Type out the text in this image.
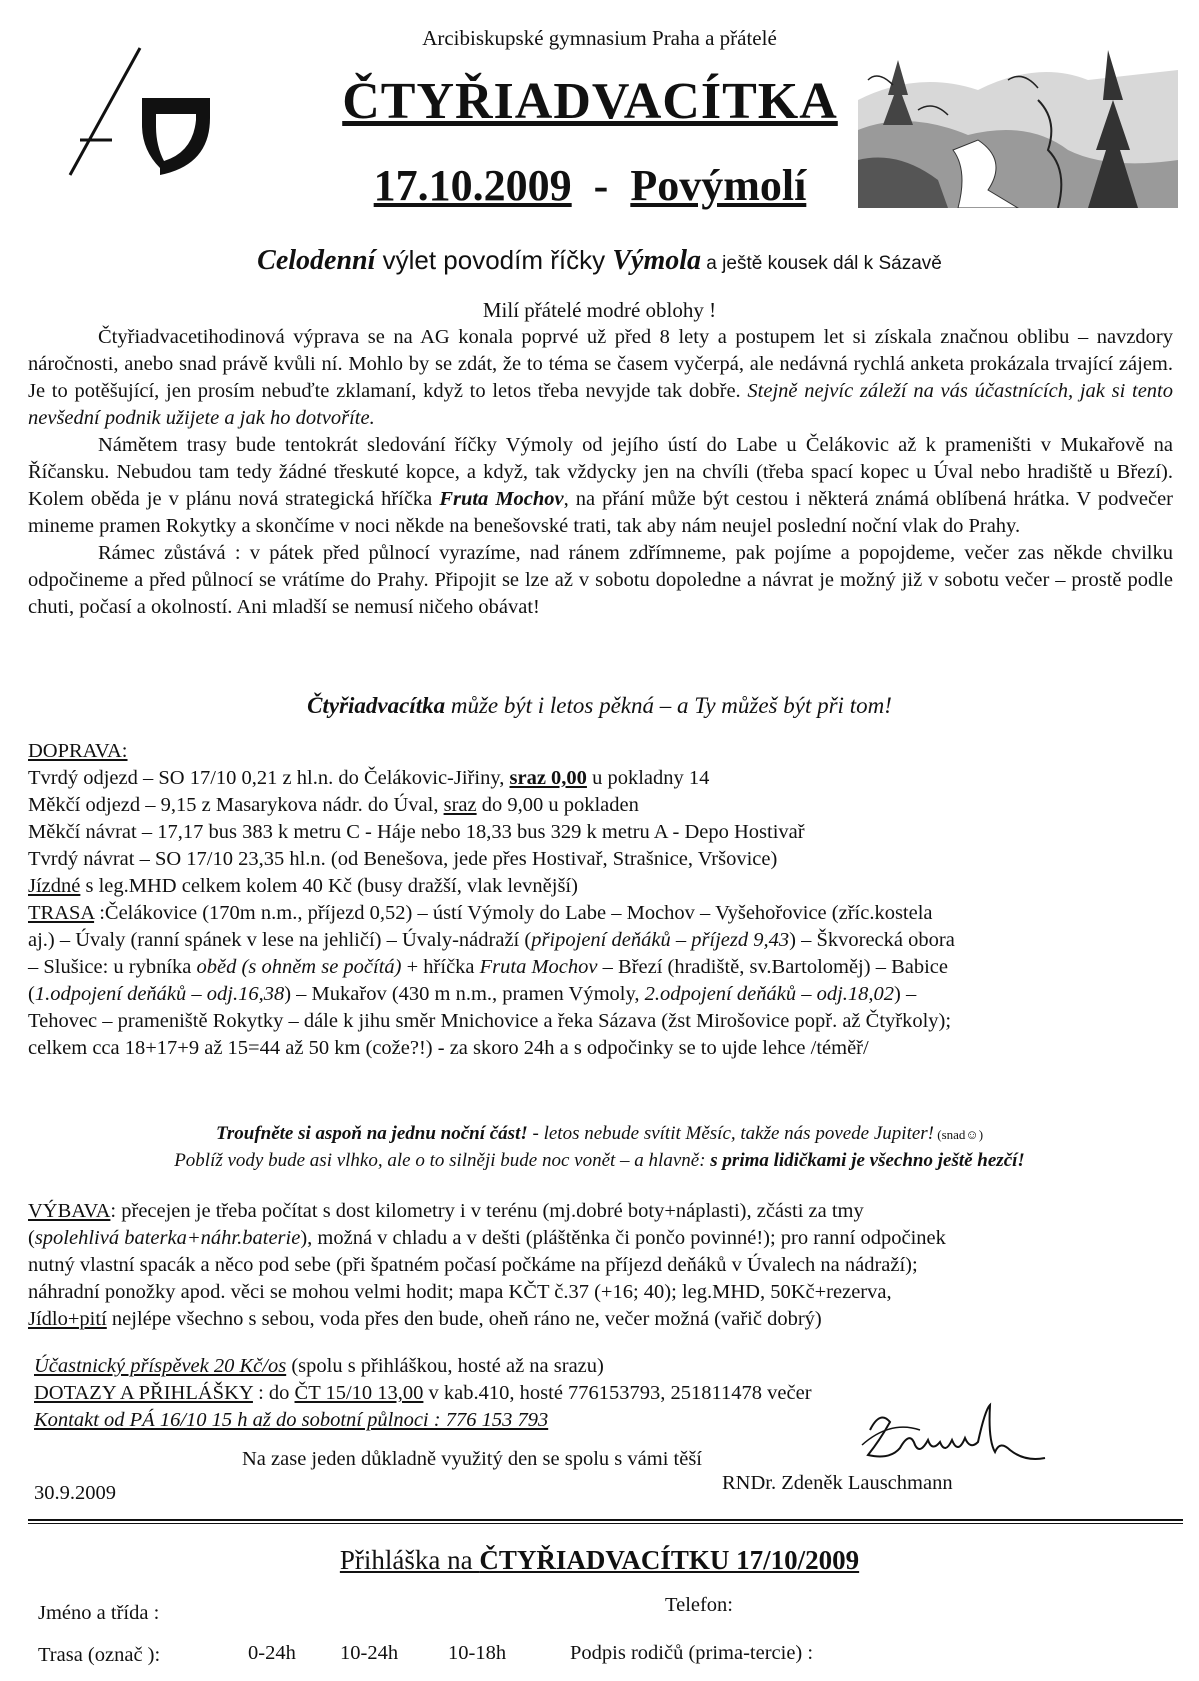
Arcibiskupské gymnasium Praha a přátelé
ČTYŘIADVACÍTKA
17.10.2009 - Povýmolí
Celodenní výlet povodím říčky Výmola a ještě kousek dál k Sázavě
Milí přátelé modré oblohy !

Čtyřiadvacetihodinová výprava se na AG konala poprvé už před 8 lety a postupem let si získala značnou oblibu – navzdory náročnosti, anebo snad právě kvůli ní. Mohlo by se zdát, že to téma se časem vyčerpá, ale nedávná rychlá anketa prokázala trvající zájem. Je to potěšující, jen prosím nebuďte zklamaní, když to letos třeba nevyjde tak dobře. Stejně nejvíc záleží na vás účastnících, jak si tento nevšední podnik užijete a jak ho dotvoříte.

Námětem trasy bude tentokrát sledování říčky Výmoly od jejího ústí do Labe u Čelákovic až k prameništi v Mukařově na Říčansku. Nebudou tam tedy žádné třeskuté kopce, a když, tak vždycky jen na chvíli (třeba spací kopec u Úval nebo hradiště u Březí). Kolem oběda je v plánu nová strategická hříčka Fruta Mochov, na přání může být cestou i některá známá oblíbená hrátka. V podvečer mineme pramen Rokytky a skončíme v noci někde na benešovské trati, tak aby nám neujel poslední noční vlak do Prahy.

Rámec zůstává : v pátek před půlnocí vyrazíme, nad ránem zdřímneme, pak pojíme a popojdeme, večer zas někde chvilku odpočineme a před půlnocí se vrátíme do Prahy. Připojit se lze až v sobotu dopoledne a návrat je možný již v sobotu večer – prostě podle chuti, počasí a okolností. Ani mladší se nemusí ničeho obávat!

Čtyřiadvacítka může být i letos pěkná – a Ty můžeš být při tom!
DOPRAVA:
Tvrdý odjezd – SO 17/10 0,21 z hl.n. do Čelákovic-Jiřiny, sraz 0,00 u pokladny 14
Měkčí odjezd – 9,15 z Masarykova nádr. do Úval, sraz do 9,00 u pokladen
Měkčí návrat – 17,17 bus 383 k metru C - Háje nebo 18,33 bus 329 k metru A - Depo Hostivař
Tvrdý návrat – SO 17/10 23,35 hl.n. (od Benešova, jede přes Hostivař, Strašnice, Vršovice)
Jízdné s leg.MHD celkem kolem 40 Kč (busy dražší, vlak levnější)
TRASA :Čelákovice (170m n.m., příjezd 0,52) – ústí Výmoly do Labe – Mochov – Vyšehořovice (zříc.kostela
aj.) – Úvaly (ranní spánek v lese na jehličí) – Úvaly-nádraží (připojení deňáků – příjezd 9,43) – Škvorecká obora
– Slušice: u rybníka oběd (s ohněm se počítá) + hříčka Fruta Mochov – Březí (hradiště, sv.Bartoloměj) – Babice
(1.odpojení deňáků – odj.16,38) – Mukařov (430 m n.m., pramen Výmoly, 2.odpojení deňáků – odj.18,02) –
Tehovec – prameniště Rokytky – dále k jihu směr Mnichovice a řeka Sázava (žst Mirošovice popř. až Čtyřkoly);
celkem cca 18+17+9 až 15=44 až 50 km (cože?!) - za skoro 24h a s odpočinky se to ujde lehce /téměř/
Troufněte si aspoň na jednu noční část! - letos nebude svítit Měsíc, takže nás povede Jupiter! (snad☺)
Poblíž vody bude asi vlhko, ale o to silněji bude noc vonět – a hlavně: s prima lidičkami je všechno ještě hezčí!
VÝBAVA: přecejen je třeba počítat s dost kilometry i v terénu (mj.dobré boty+náplasti), zčásti za tmy
(spolehlivá baterka+náhr.baterie), možná v chladu a v dešti (pláštěnka či pončo povinné!); pro ranní odpočinek
nutný vlastní spacák a něco pod sebe (při špatném počasí počkáme na příjezd deňáků v Úvalech na nádraží);
náhradní ponožky apod. věci se mohou velmi hodit; mapa KČT č.37 (+16; 40); leg.MHD, 50Kč+rezerva,
Jídlo+pití nejlépe všechno s sebou, voda přes den bude, oheň ráno ne, večer možná (vařič dobrý)
Účastnický příspěvek 20 Kč/os (spolu s přihláškou, hosté až na srazu)
DOTAZY A PŘIHLÁŠKY : do ČT 15/10 13,00 v kab.410, hosté 776153793, 251811478 večer
Kontakt od PÁ 16/10 15 h až do sobotní půlnoci : 776 153 793
Na zase jeden důkladně využitý den se spolu s vámi těší
30.9.2009	RNDr. Zdeněk Lauschmann
Přihláška na ČTYŘIADVACÍTKU 17/10/2009
Jméno a třída :	Telefon:
Trasa (označ ):	0-24h 10-24h 10-18h	Podpis rodičů (prima-tercie) :
